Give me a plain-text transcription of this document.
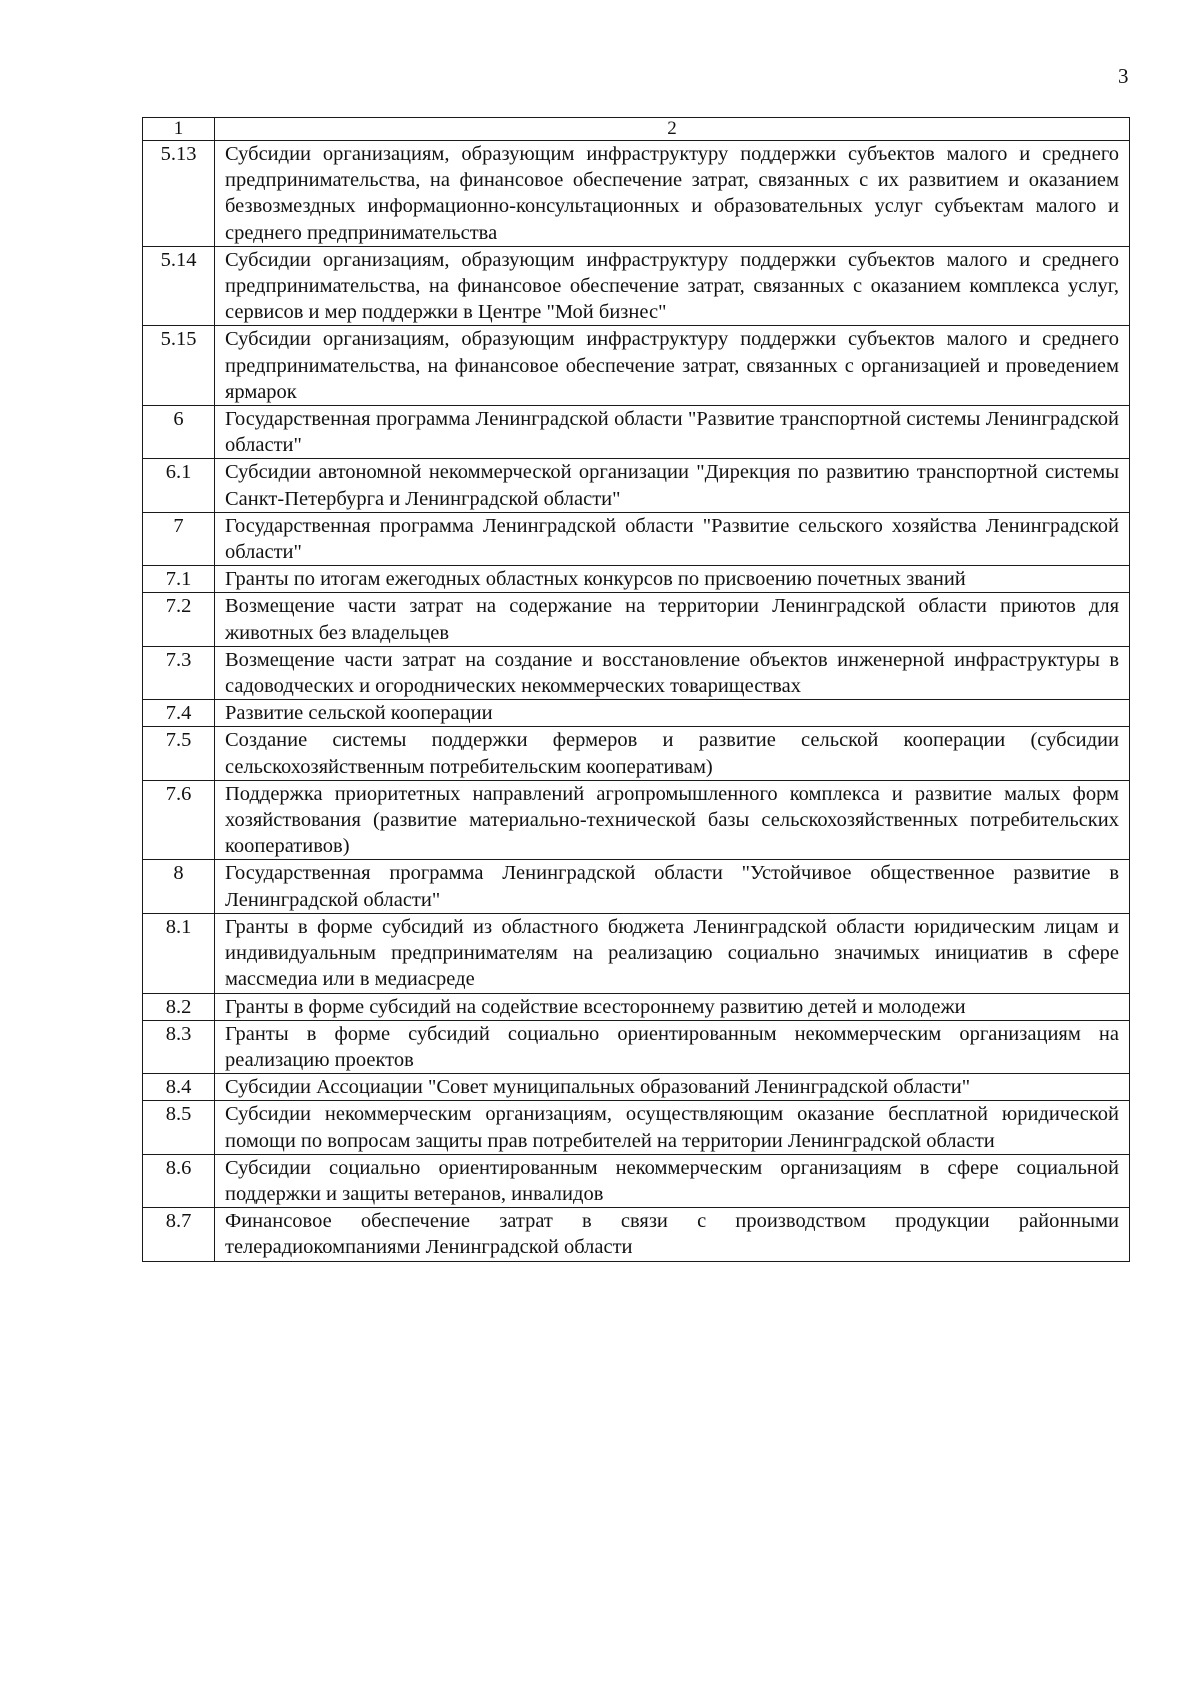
3
1	2
5.13	Субсидии организациям, образующим инфраструктуру поддержки субъектов малого и среднего предпринимательства, на финансовое обеспечение затрат, связанных с их развитием и оказанием безвозмездных информационно-консультационных и образовательных услуг субъектам малого и среднего предпринимательства
5.14	Субсидии организациям, образующим инфраструктуру поддержки субъектов малого и среднего предпринимательства, на финансовое обеспечение затрат, связанных с оказанием комплекса услуг, сервисов и мер поддержки в Центре "Мой бизнес"
5.15	Субсидии организациям, образующим инфраструктуру поддержки субъектов малого и среднего предпринимательства, на финансовое обеспечение затрат, связанных с организацией и проведением ярмарок
6	Государственная программа Ленинградской области "Развитие транспортной системы Ленинградской области"
6.1	Субсидии автономной некоммерческой организации "Дирекция по развитию транспортной системы Санкт-Петербурга и Ленинградской области"
7	Государственная программа Ленинградской области "Развитие сельского хозяйства Ленинградской области"
7.1	Гранты по итогам ежегодных областных конкурсов по присвоению почетных званий
7.2	Возмещение части затрат на содержание на территории Ленинградской области приютов для животных без владельцев
7.3	Возмещение части затрат на создание и восстановление объектов инженерной инфраструктуры в садоводческих и огороднических некоммерческих товариществах
7.4	Развитие сельской кооперации
7.5	Создание системы поддержки фермеров и развитие сельской кооперации (субсидии сельскохозяйственным потребительским кооперативам)
7.6	Поддержка приоритетных направлений агропромышленного комплекса и развитие малых форм хозяйствования (развитие материально-технической базы сельскохозяйственных потребительских кооперативов)
8	Государственная программа Ленинградской области "Устойчивое общественное развитие в Ленинградской области"
8.1	Гранты в форме субсидий из областного бюджета Ленинградской области юридическим лицам и индивидуальным предпринимателям на реализацию социально значимых инициатив в сфере массмедиа или в медиасреде
8.2	Гранты в форме субсидий на содействие всестороннему развитию детей и молодежи
8.3	Гранты в форме субсидий социально ориентированным некоммерческим организациям на реализацию проектов
8.4	Субсидии Ассоциации "Совет муниципальных образований Ленинградской области"
8.5	Субсидии некоммерческим организациям, осуществляющим оказание бесплатной юридической помощи по вопросам защиты прав потребителей на территории Ленинградской области
8.6	Субсидии социально ориентированным некоммерческим организациям в сфере социальной поддержки и защиты ветеранов, инвалидов
8.7	Финансовое обеспечение затрат в связи с производством продукции районными телерадиокомпаниями Ленинградской области
